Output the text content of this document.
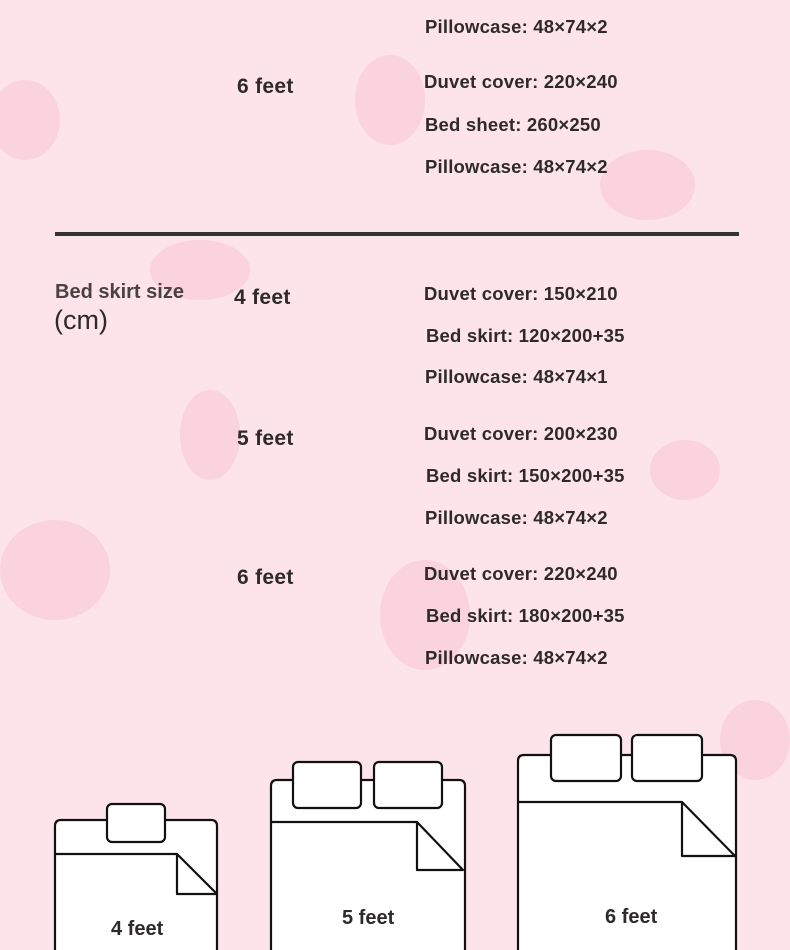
Pillowcase: 48×74×2
6 feet	Duvet cover: 220×240
Bed sheet: 260×250
Pillowcase: 48×74×2
Bed skirt size
(cm)
4 feet	Duvet cover: 150×210
Bed skirt: 120×200+35
Pillowcase: 48×74×1
5 feet	Duvet cover: 200×230
Bed skirt: 150×200+35
Pillowcase: 48×74×2
6 feet	Duvet cover: 220×240
Bed skirt: 180×200+35
Pillowcase: 48×74×2
4 feet	5 feet	6 feet
